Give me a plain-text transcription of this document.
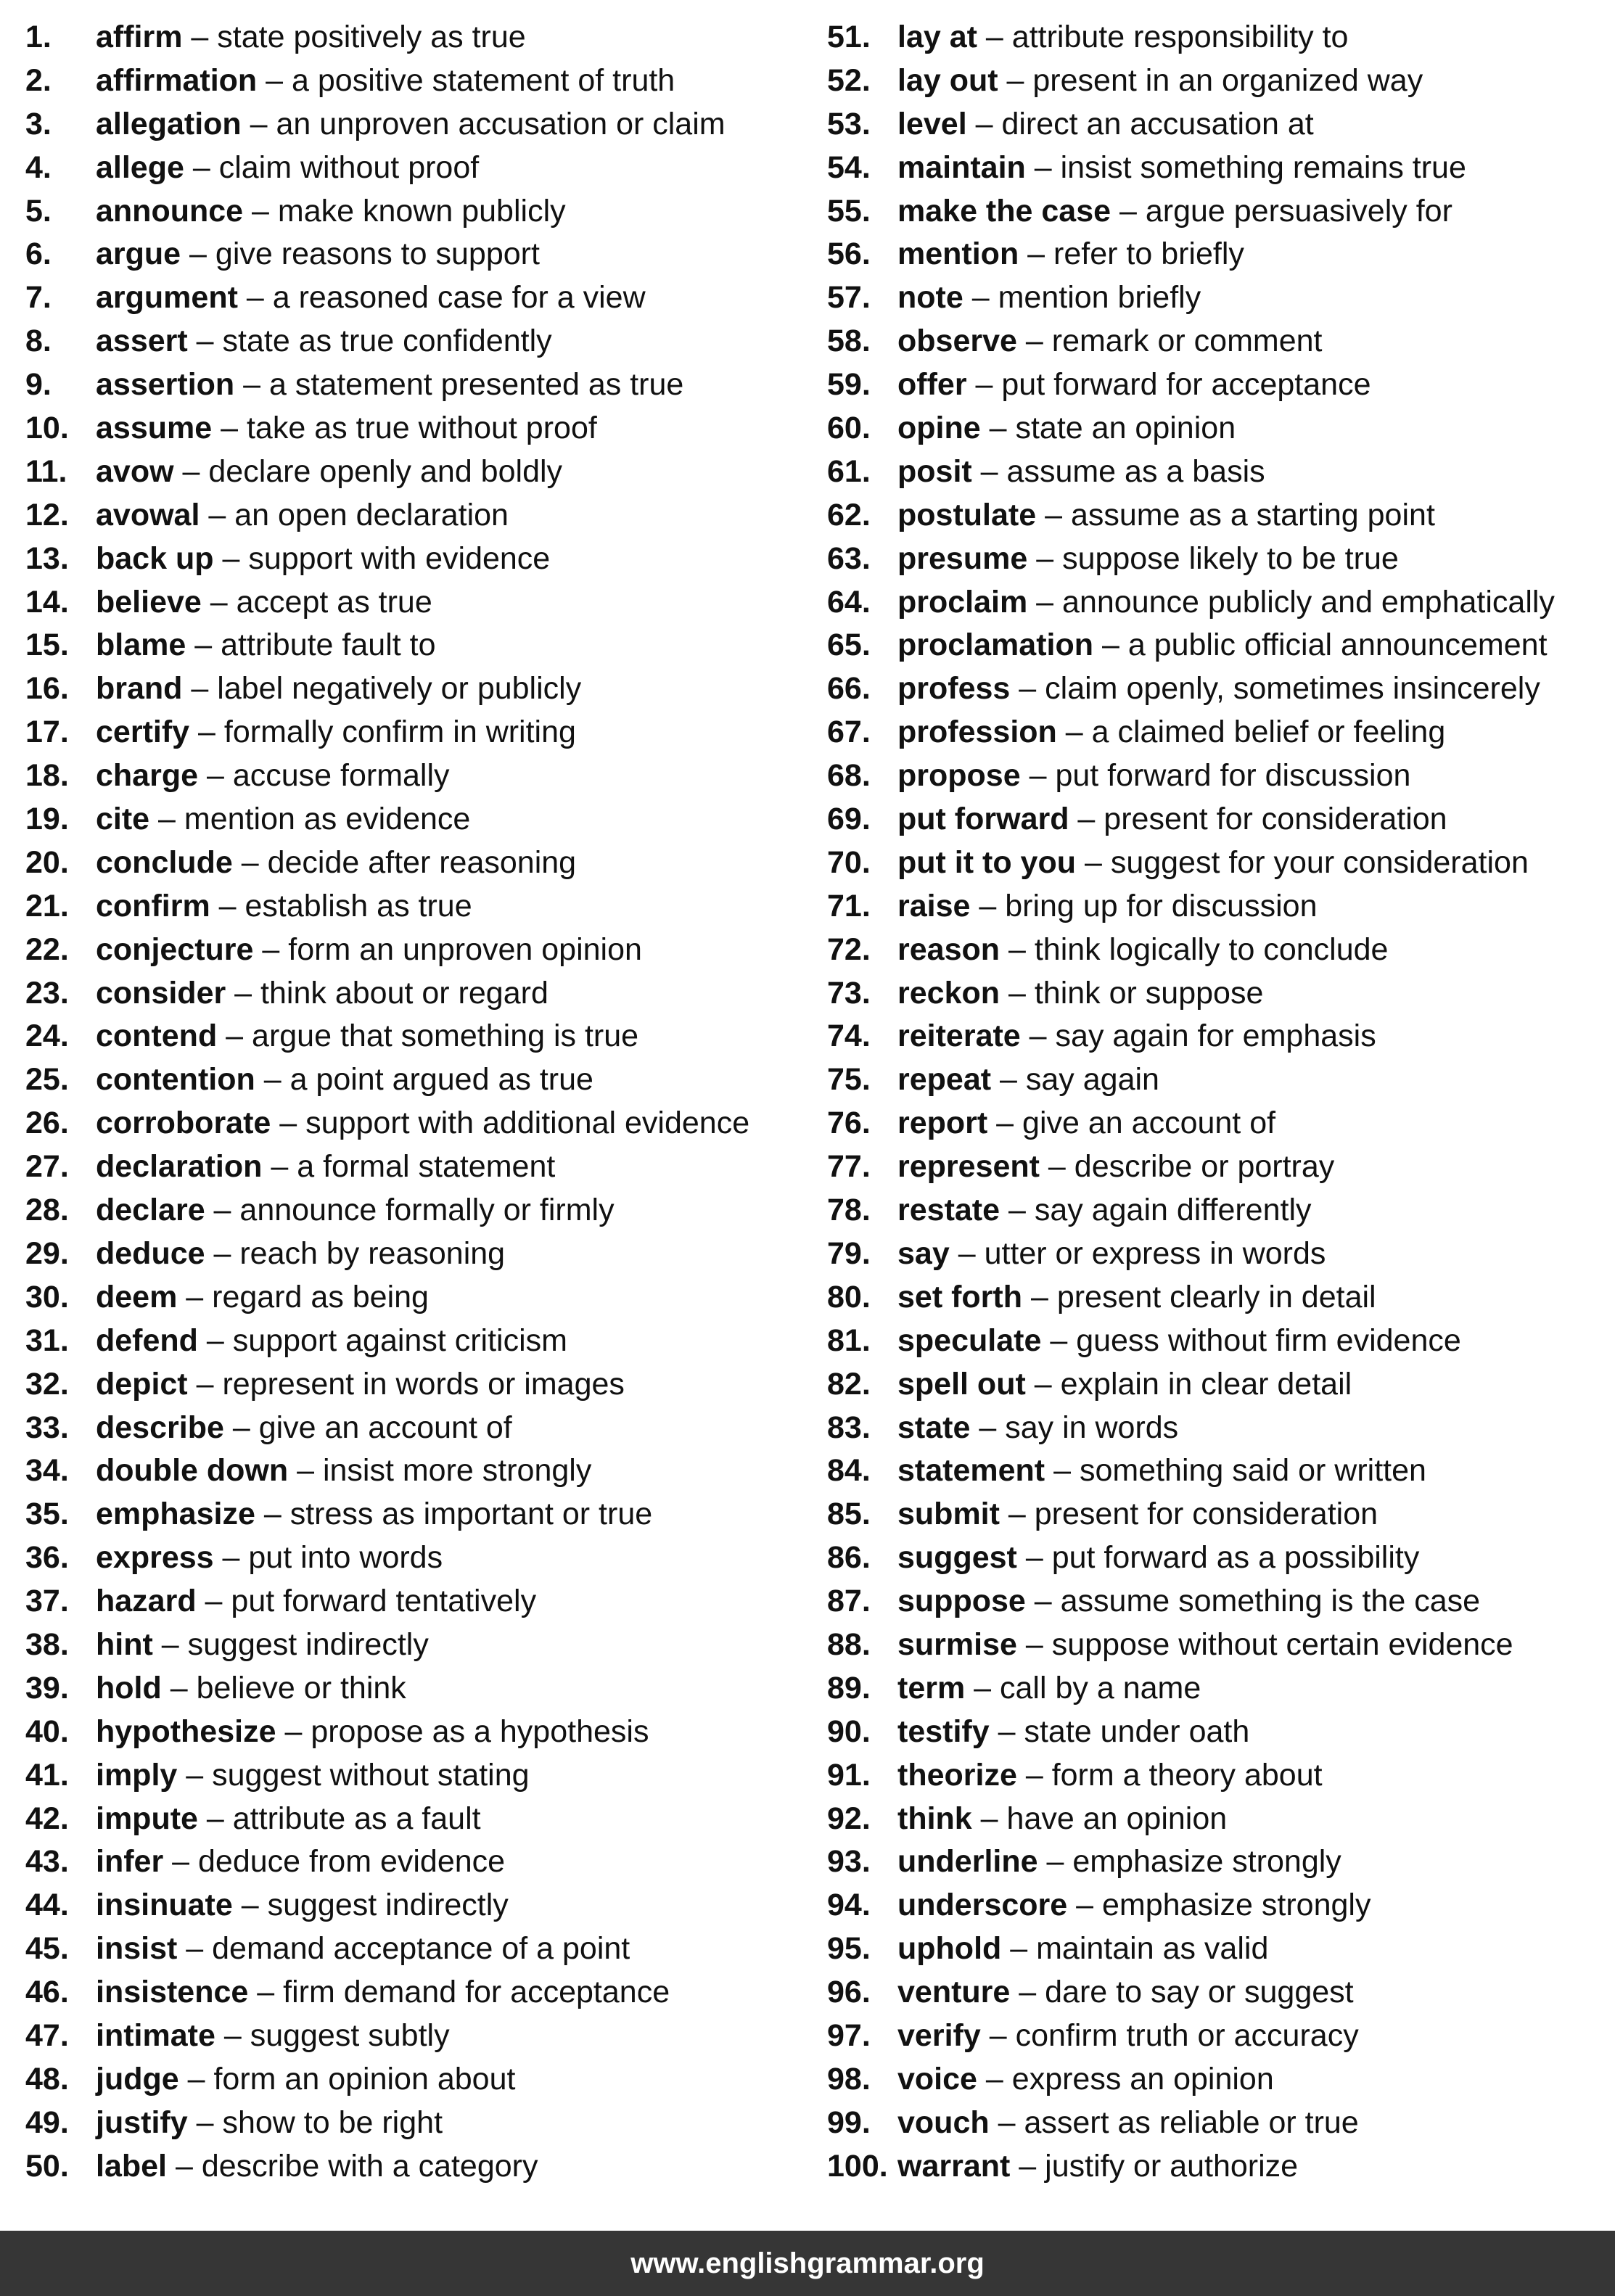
1. affirm – state positively as true
2. affirmation – a positive statement of truth
3. allegation – an unproven accusation or claim
4. allege – claim without proof
5. announce – make known publicly
6. argue – give reasons to support
7. argument – a reasoned case for a view
8. assert – state as true confidently
9. assertion – a statement presented as true
10. assume – take as true without proof
11. avow – declare openly and boldly
12. avowal – an open declaration
13. back up – support with evidence
14. believe – accept as true
15. blame – attribute fault to
16. brand – label negatively or publicly
17. certify – formally confirm in writing
18. charge – accuse formally
19. cite – mention as evidence
20. conclude – decide after reasoning
21. confirm – establish as true
22. conjecture – form an unproven opinion
23. consider – think about or regard
24. contend – argue that something is true
25. contention – a point argued as true
26. corroborate – support with additional evidence
27. declaration – a formal statement
28. declare – announce formally or firmly
29. deduce – reach by reasoning
30. deem – regard as being
31. defend – support against criticism
32. depict – represent in words or images
33. describe – give an account of
34. double down – insist more strongly
35. emphasize – stress as important or true
36. express – put into words
37. hazard – put forward tentatively
38. hint – suggest indirectly
39. hold – believe or think
40. hypothesize – propose as a hypothesis
41. imply – suggest without stating
42. impute – attribute as a fault
43. infer – deduce from evidence
44. insinuate – suggest indirectly
45. insist – demand acceptance of a point
46. insistence – firm demand for acceptance
47. intimate – suggest subtly
48. judge – form an opinion about
49. justify – show to be right
50. label – describe with a category
51. lay at – attribute responsibility to
52. lay out – present in an organized way
53. level – direct an accusation at
54. maintain – insist something remains true
55. make the case – argue persuasively for
56. mention – refer to briefly
57. note – mention briefly
58. observe – remark or comment
59. offer – put forward for acceptance
60. opine – state an opinion
61. posit – assume as a basis
62. postulate – assume as a starting point
63. presume – suppose likely to be true
64. proclaim – announce publicly and emphatically
65. proclamation – a public official announcement
66. profess – claim openly, sometimes insincerely
67. profession – a claimed belief or feeling
68. propose – put forward for discussion
69. put forward – present for consideration
70. put it to you – suggest for your consideration
71. raise – bring up for discussion
72. reason – think logically to conclude
73. reckon – think or suppose
74. reiterate – say again for emphasis
75. repeat – say again
76. report – give an account of
77. represent – describe or portray
78. restate – say again differently
79. say – utter or express in words
80. set forth – present clearly in detail
81. speculate – guess without firm evidence
82. spell out – explain in clear detail
83. state – say in words
84. statement – something said or written
85. submit – present for consideration
86. suggest – put forward as a possibility
87. suppose – assume something is the case
88. surmise – suppose without certain evidence
89. term – call by a name
90. testify – state under oath
91. theorize – form a theory about
92. think – have an opinion
93. underline – emphasize strongly
94. underscore – emphasize strongly
95. uphold – maintain as valid
96. venture – dare to say or suggest
97. verify – confirm truth or accuracy
98. voice – express an opinion
99. vouch – assert as reliable or true
100. warrant – justify or authorize
www.englishgrammar.org
